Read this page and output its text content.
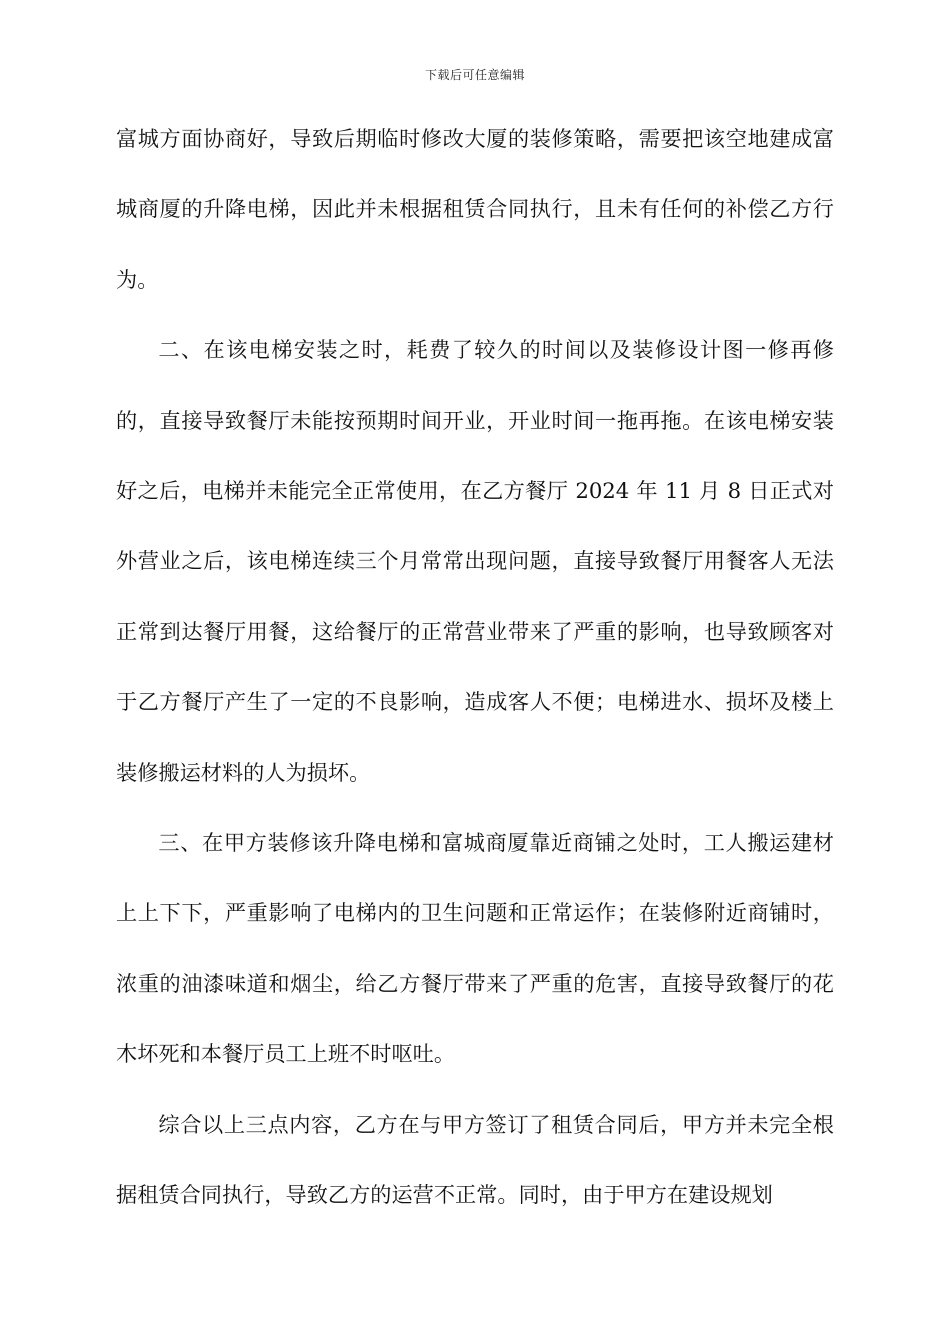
下载后可任意编辑

富城方面协商好，导致后期临时修改大厦的装修策略，需要把该空地建成富城商厦的升降电梯，因此并未根据租赁合同执行，且未有任何的补偿乙方行为。

二、在该电梯安装之时，耗费了较久的时间以及装修设计图一修再修的，直接导致餐厅未能按预期时间开业，开业时间一拖再拖。在该电梯安装好之后，电梯并未能完全正常使用，在乙方餐厅 2024 年 11 月 8 日正式对外营业之后，该电梯连续三个月常常出现问题，直接导致餐厅用餐客人无法正常到达餐厅用餐，这给餐厅的正常营业带来了严重的影响，也导致顾客对于乙方餐厅产生了一定的不良影响，造成客人不便；电梯进水、损坏及楼上装修搬运材料的人为损坏。

三、在甲方装修该升降电梯和富城商厦靠近商铺之处时，工人搬运建材上上下下，严重影响了电梯内的卫生问题和正常运作；在装修附近商铺时，浓重的油漆味道和烟尘，给乙方餐厅带来了严重的危害，直接导致餐厅的花木坏死和本餐厅员工上班不时呕吐。

综合以上三点内容，乙方在与甲方签订了租赁合同后，甲方并未完全根据租赁合同执行，导致乙方的运营不正常。同时，由于甲方在建设规划
